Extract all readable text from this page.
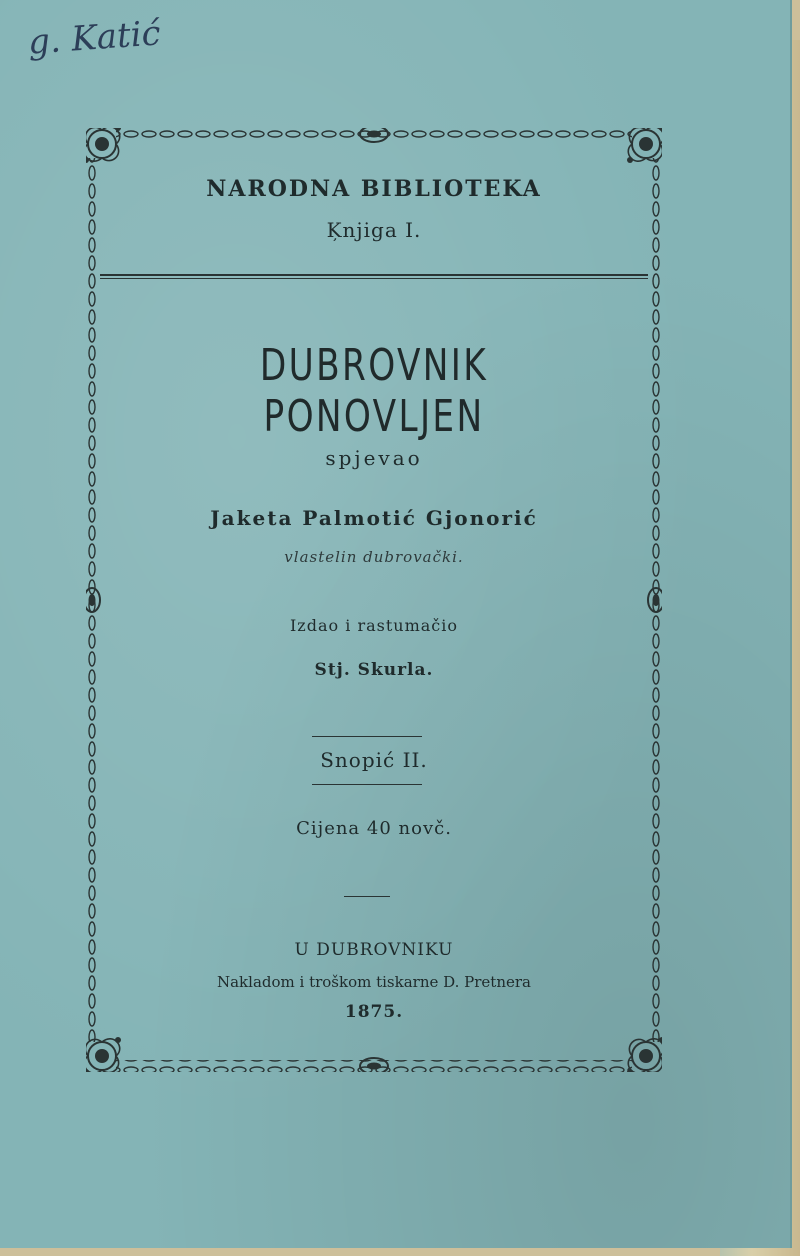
g. Katić
NARODNA BIBLIOTEKA
Ķnjiga I.
DUBROVNIK PONOVLJEN
spjevao
Jaketa Palmotić Gjonorić
vlastelin dubrovački.
Izdao i rastumačio
Stj. Skurla.
Snopić II.
Cijena 40 novč.
U DUBROVNIKU
Nakladom i troškom tiskarne D. Pretnera
1875.
